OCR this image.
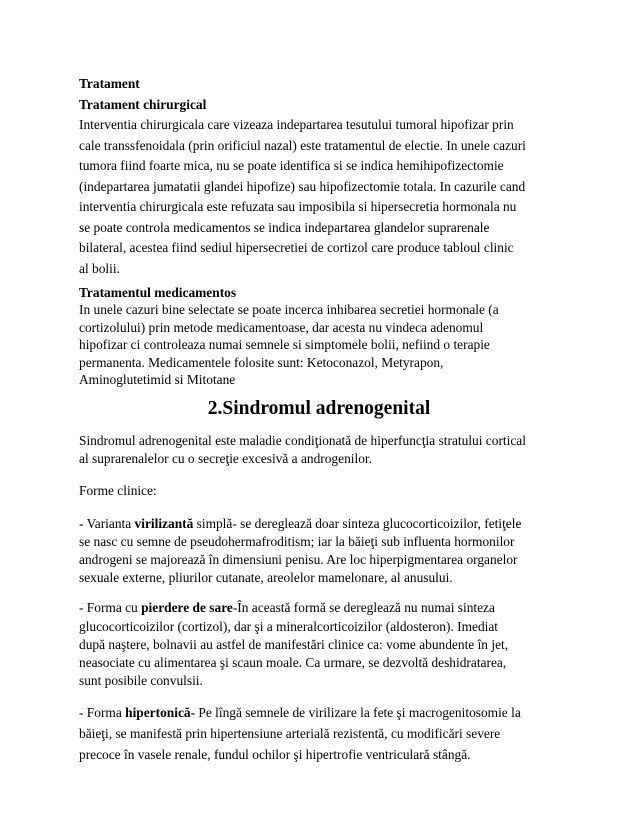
Tratament
Tratament chirurgical
Interventia chirurgicala care vizeaza indepartarea tesutului tumoral hipofizar prin
cale transsfenoidala (prin orificiul nazal) este tratamentul de electie. In unele cazuri
tumora fiind foarte mica, nu se poate identifica si se indica hemihipofizectomie
(indepartarea jumatatii glandei hipofize) sau hipofizectomie totala. In cazurile cand
interventia chirurgicala este refuzata sau imposibila si hipersecretia hormonala nu
se poate controla medicamentos se indica indepartarea glandelor suprarenale
bilateral, acestea fiind sediul hipersecretiei de cortizol care produce tabloul clinic
al bolii.
Tratamentul medicamentos
In unele cazuri bine selectate se poate incerca inhibarea secretiei hormonale (a
cortizolului) prin metode medicamentoase, dar acesta nu vindeca adenomul
hipofizar ci controleaza numai semnele si simptomele bolii, nefiind o terapie
permanenta. Medicamentele folosite sunt: Ketoconazol, Metyrapon,
Aminoglutetimid si Mitotane
2.Sindromul adrenogenital
Sindromul adrenogenital este maladie condiţionată de hiperfuncţia stratului cortical
al suprarenalelor cu o secreţie excesivă a androgenilor.
Forme clinice:
- Varianta virilizantă simplă- se dereglează doar sinteza glucocorticoizilor, fetiţele
se nasc cu semne de pseudohermafroditism; iar la băieţi sub influenta hormonilor
androgeni se majorează în dimensiuni penisu. Are loc hiperpigmentarea organelor
sexuale externe, pliurilor cutanate, areolelor mamelonare, al anusului.
- Forma cu pierdere de sare-În această formă se dereglează nu numai sinteza
glucocorticoizilor (cortizol), dar şi a mineralcorticoizilor (aldosteron). Imediat
după naştere, bolnavii au astfel de manifestări clinice ca: vome abundente în jet,
neasociate cu alimentarea şi scaun moale. Ca urmare, se dezvoltă deshidratarea,
sunt posibile convulsii.
- Forma hipertonică- Pe lîngă semnele de virilizare la fete şi macrogenitosomie la
băieţi, se manifestă prin hipertensiune arterială rezistentă, cu modificări severe
precoce în vasele renale, fundul ochilor şi hipertrofie ventriculară stângă.
